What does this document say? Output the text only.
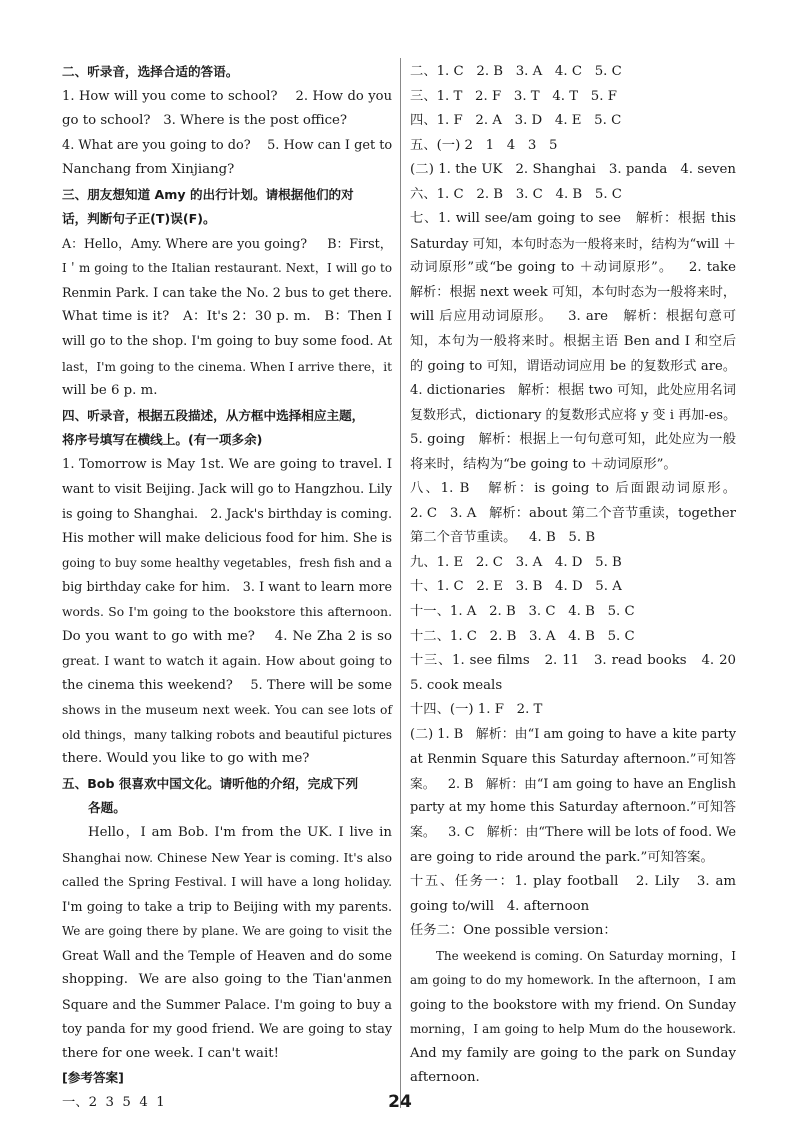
二、听录音，选择合适的答语。
1. How will you come to school?    2. How do you
go to school?   3. Where is the post office?
4. What are you going to do?    5. How can I get to
Nanchang from Xinjiang?
三、朋友想知道 Amy 的出行计划。请根据他们的对
话，判断句子正(T)误(F)。
A：Hello，Amy. Where are you going?     B：First，
I＇m going to the Italian restaurant. Next，I will go to
Renmin Park. I can take the No. 2 bus to get there.
What time is it?   A：It's 2：30 p. m.   B：Then I
will go to the shop. I'm going to buy some food. At
last，I'm going to the cinema. When I arrive there，it
will be 6 p. m.
四、听录音，根据五段描述，从方框中选择相应主题，
将序号填写在横线上。(有一项多余)
1. Tomorrow is May 1st. We are going to travel. I
want to visit Beijing. Jack will go to Hangzhou. Lily
is going to Shanghai.   2. Jack's birthday is coming.
His mother will make delicious food for him. She is
going to buy some healthy vegetables，fresh fish and a
big birthday cake for him.   3. I want to learn more
words. So I'm going to the bookstore this afternoon.
Do you want to go with me?    4. Ne Zha 2 is so
great. I want to watch it again. How about going to
the cinema this weekend?    5. There will be some
shows in the museum next week. You can see lots of
old things，many talking robots and beautiful pictures
there. Would you like to go with me?
五、Bob 很喜欢中国文化。请听他的介绍，完成下列
各题。
Hello，I am Bob. I'm from the UK. I live in
Shanghai now. Chinese New Year is coming. It's also
called the Spring Festival. I will have a long holiday.
I'm going to take a trip to Beijing with my parents.
We are going there by plane. We are going to visit the
Great Wall and the Temple of Heaven and do some
shopping.  We are also going to the Tian'anmen
Square and the Summer Palace. I'm going to buy a
toy panda for my good friend. We are going to stay
there for one week. I can't wait!
[参考答案]
一、2  3  5  4  1
二、1. C   2. B   3. A   4. C   5. C
三、1. T   2. F   3. T   4. T   5. F
四、1. F   2. A   3. D   4. E   5. C
五、(一) 2   1   4   3   5
(二) 1. the UK   2. Shanghai   3. panda   4. seven
六、1. C   2. B   3. C   4. B   5. C
七、1. will see/am going to see   解析：根据 this
Saturday 可知，本句时态为一般将来时，结构为“will ＋
动词原形”或“be going to ＋动词原形”。   2. take
解析：根据 next week 可知，本句时态为一般将来时，
will 后应用动词原形。   3. are   解析：根据句意可
知，本句为一般将来时。根据主语 Ben and I 和空后
的 going to 可知，谓语动词应用 be 的复数形式 are。
4. dictionaries   解析：根据 two 可知，此处应用名词
复数形式，dictionary 的复数形式应将 y 变 i 再加-es。
5. going   解析：根据上一句句意可知，此处应为一般
将来时，结构为“be going to ＋动词原形”。
八、1. B   解析：is going to 后面跟动词原形。
2. C   3. A   解析：about 第二个音节重读，together
第二个音节重读。   4. B   5. B
九、1. E   2. C   3. A   4. D   5. B
十、1. C   2. E   3. B   4. D   5. A
十一、1. A   2. B   3. C   4. B   5. C
十二、1. C   2. B   3. A   4. B   5. C
十三、1. see films   2. 11   3. read books   4. 20
5. cook meals
十四、(一) 1. F   2. T
(二) 1. B   解析：由“I am going to have a kite party
at Renmin Square this Saturday afternoon.”可知答
案。   2. B   解析：由“I am going to have an English
party at my home this Saturday afternoon.”可知答
案。   3. C   解析：由“There will be lots of food. We
are going to ride around the park.”可知答案。
十五、任务一：1. play football   2. Lily   3. am
going to/will   4. afternoon
任务二：One possible version：
The weekend is coming. On Saturday morning，I
am going to do my homework. In the afternoon，I am
going to the bookstore with my friend. On Sunday
morning，I am going to help Mum do the housework.
And my family are going to the park on Sunday
afternoon.
24
